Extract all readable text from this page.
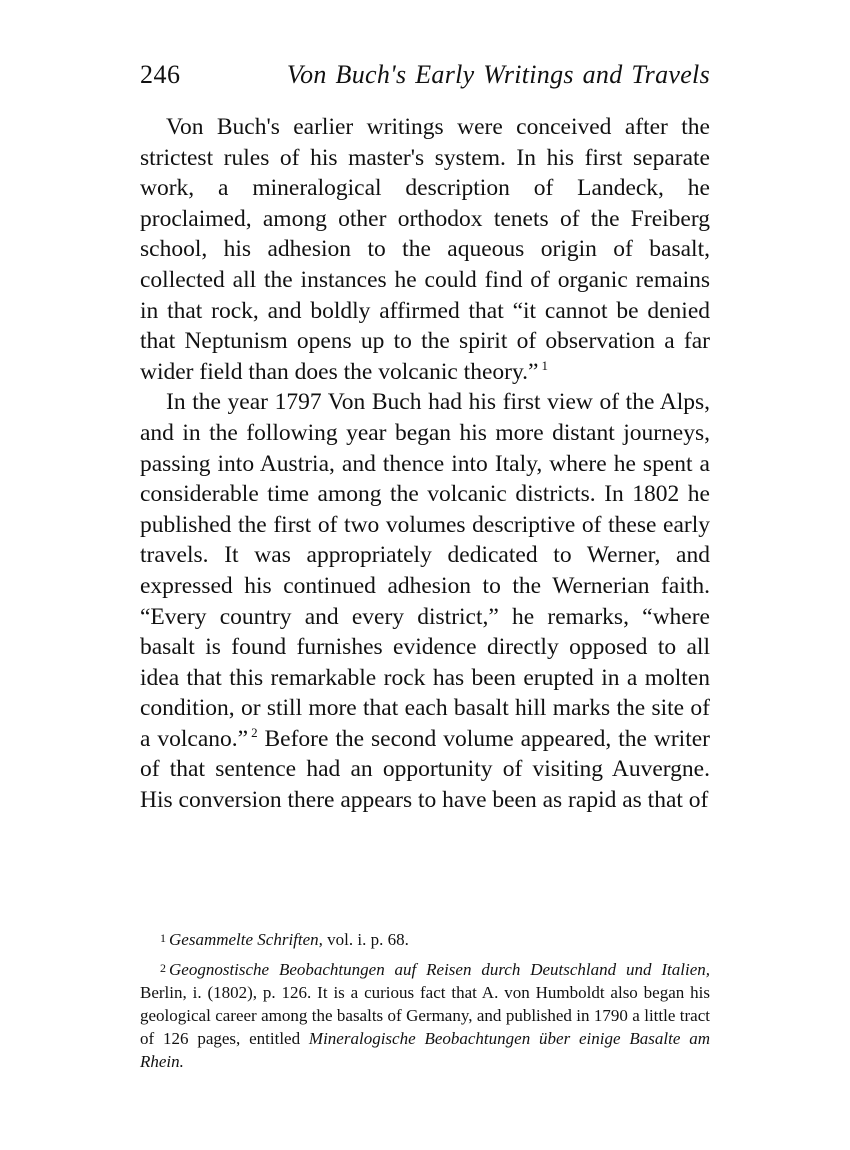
246	Von Buch's Early Writings and Travels

Von Buch's earlier writings were conceived after the strictest rules of his master's system. In his first separate work, a mineralogical description of Landeck, he proclaimed, among other orthodox tenets of the Freiberg school, his adhesion to the aqueous origin of basalt, collected all the instances he could find of organic remains in that rock, and boldly affirmed that “it cannot be denied that Neptunism opens up to the spirit of observation a far wider field than does the volcanic theory.” $^1$

In the year 1797 Von Buch had his first view of the Alps, and in the following year began his more distant journeys, passing into Austria, and thence into Italy, where he spent a considerable time among the volcanic districts. In 1802 he published the first of two volumes descriptive of these early travels. It was appropriately dedicated to Werner, and expressed his continued adhesion to the Wernerian faith. “Every country and every district,” he remarks, “where basalt is found furnishes evidence directly opposed to all idea that this remarkable rock has been erupted in a molten condition, or still more that each basalt hill marks the site of a volcano.” $^2$ Before the second volume appeared, the writer of that sentence had an opportunity of visiting Auvergne. His conversion there appears to have been as rapid as that of

$^1$ Gesammelte Schriften, vol. i. p. 68.

$^2$ Geognostische Beobachtungen auf Reisen durch Deutschland und Italien, Berlin, i. (1802), p. 126. It is a curious fact that A. von Humboldt also began his geological career among the basalts of Germany, and published in 1790 a little tract of 126 pages, entitled Mineralogische Beobachtungen über einige Basalte am Rhein.
